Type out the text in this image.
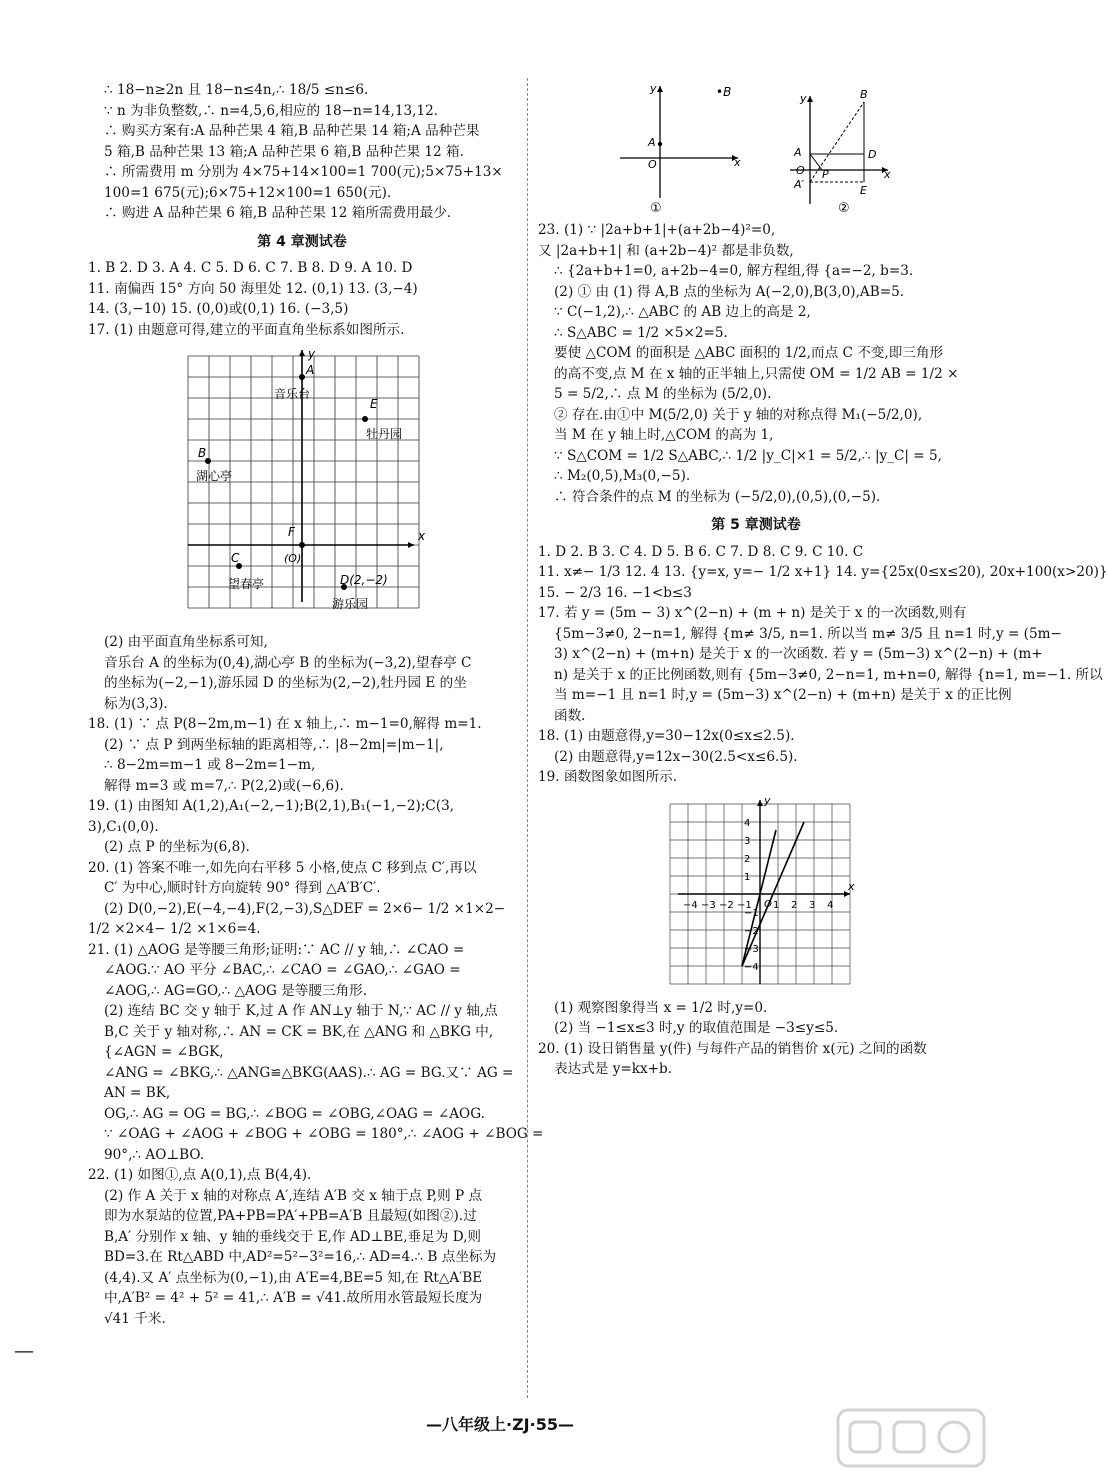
∴ 18−n≥2n 且 18−n≤4n,∴ 18/5 ≤n≤6.
∵ n 为非负整数,∴ n=4,5,6,相应的 18−n=14,13,12.
∴ 购买方案有:A 品种芒果 4 箱,B 品种芒果 14 箱;A 品种芒果
5 箱,B 品种芒果 13 箱;A 品种芒果 6 箱,B 品种芒果 12 箱.
∴ 所需费用 m 分别为 4×75+14×100=1 700(元);5×75+13×
100=1 675(元);6×75+12×100=1 650(元).
∴ 购进 A 品种芒果 6 箱,B 品种芒果 12 箱所需费用最少.
第 4 章测试卷
1. B 2. D 3. A 4. C 5. D 6. C 7. B 8. D 9. A 10. D
11. 南偏西 15° 方向 50 海里处 12. (0,1) 13. (3,−4)
14. (3,−10) 15. (0,0)或(0,1) 16. (−3,5)
17. (1) 由题意可得,建立的平面直角坐标系如图所示.
y
x
A
音乐台
E
牡丹园
B
湖心亭
F
(O)
C
望春亭	D(2,−2)
游乐园
(2) 由平面直角坐标系可知,
音乐台 A 的坐标为(0,4),湖心亭 B 的坐标为(−3,2),望春亭 C
的坐标为(−2,−1),游乐园 D 的坐标为(2,−2),牡丹园 E 的坐
标为(3,3).
18. (1) ∵ 点 P(8−2m,m−1) 在 x 轴上,∴ m−1=0,解得 m=1.
(2) ∵ 点 P 到两坐标轴的距离相等,∴ |8−2m|=|m−1|,
∴ 8−2m=m−1 或 8−2m=1−m,
解得 m=3 或 m=7,∴ P(2,2)或(−6,6).
19. (1) 由图知 A(1,2),A₁(−2,−1);B(2,1),B₁(−1,−2);C(3,
3),C₁(0,0).
(2) 点 P 的坐标为(6,8).
20. (1) 答案不唯一,如先向右平移 5 小格,使点 C 移到点 C′,再以
C′ 为中心,顺时针方向旋转 90° 得到 △A′B′C′.
(2) D(0,−2),E(−4,−4),F(2,−3),S△DEF = 2×6− 1/2 ×1×2−
1/2 ×2×4− 1/2 ×1×6=4.
21. (1) △AOG 是等腰三角形;证明:∵ AC // y 轴,∴ ∠CAO =
∠AOG.∵ AO 平分 ∠BAC,∴ ∠CAO = ∠GAO,∴ ∠GAO =
∠AOG,∴ AG=GO,∴ △AOG 是等腰三角形.
(2) 连结 BC 交 y 轴于 K,过 A 作 AN⊥y 轴于 N,∵ AC // y 轴,点
B,C 关于 y 轴对称,∴ AN = CK = BK,在 △ANG 和 △BKG 中,
{∠AGN = ∠BGK,
∠ANG = ∠BKG,∴ △ANG≌△BKG(AAS).∴ AG = BG.又∵ AG =
AN = BK,
OG,∴ AG = OG = BG,∴ ∠BOG = ∠OBG,∠OAG = ∠AOG.
∵ ∠OAG + ∠AOG + ∠BOG + ∠OBG = 180°,∴ ∠AOG + ∠BOG =
90°,∴ AO⊥BO.
22. (1) 如图①,点 A(0,1),点 B(4,4).
(2) 作 A 关于 x 轴的对称点 A′,连结 A′B 交 x 轴于点 P,则 P 点
即为水泵站的位置,PA+PB=PA′+PB=A′B 且最短(如图②).过
B,A′ 分别作 x 轴、y 轴的垂线交于 E,作 AD⊥BE,垂足为 D,则
BD=3.在 Rt△ABD 中,AD²=5²−3²=16,∴ AD=4.∴ B 点坐标为
(4,4).又 A′ 点坐标为(0,−1),由 A′E=4,BE=5 知,在 Rt△A′BE
中,A′B² = 4² + 5² = 41,∴ A′B = √41.故所用水管最短长度为
√41 千米.
y	•B
A
O	x
①
y	B
A	D
O P
A′	E
x
②
23. (1) ∵ |2a+b+1|+(a+2b−4)²=0,
又 |2a+b+1| 和 (a+2b−4)² 都是非负数,
∴ {2a+b+1=0, a+2b−4=0, 解方程组,得 {a=−2, b=3.
(2) ① 由 (1) 得 A,B 点的坐标为 A(−2,0),B(3,0),AB=5.
∵ C(−1,2),∴ △ABC 的 AB 边上的高是 2,
∴ S△ABC = 1/2 ×5×2=5.
要使 △COM 的面积是 △ABC 面积的 1/2,而点 C 不变,即三角形
的高不变,点 M 在 x 轴的正半轴上,只需使 OM = 1/2 AB = 1/2 ×
5 = 5/2,∴ 点 M 的坐标为 (5/2,0).
② 存在.由①中 M(5/2,0) 关于 y 轴的对称点得 M₁(−5/2,0),
当 M 在 y 轴上时,△COM 的高为 1,
∵ S△COM = 1/2 S△ABC,∴ 1/2 |y_C|×1 = 5/2,∴ |y_C| = 5,
∴ M₂(0,5),M₃(0,−5).
∴ 符合条件的点 M 的坐标为 (−5/2,0),(0,5),(0,−5).
第 5 章测试卷
1. D 2. B 3. C 4. D 5. B 6. C 7. D 8. C 9. C 10. C
11. x≠− 1/3 12. 4 13. {y=x, y=− 1/2 x+1} 14. y={25x(0≤x≤20), 20x+100(x>20)}
15. − 2/3 16. −1<b≤3
17. 若 y = (5m − 3) x^(2−n) + (m + n) 是关于 x 的一次函数,则有
{5m−3≠0, 2−n=1, 解得 {m≠ 3/5, n=1. 所以当 m≠ 3/5 且 n=1 时,y = (5m−
3) x^(2−n) + (m+n) 是关于 x 的一次函数. 若 y = (5m−3) x^(2−n) + (m+
n) 是关于 x 的正比例函数,则有 {5m−3≠0, 2−n=1, m+n=0, 解得 {n=1, m=−1. 所以
当 m=−1 且 n=1 时,y = (5m−3) x^(2−n) + (m+n) 是关于 x 的正比例
函数.
18. (1) 由题意得,y=30−12x(0≤x≤2.5).
(2) 由题意得,y=12x−30(2.5<x≤6.5).
19. 函数图象如图所示.
y
x
O
−4 −3 −2 −1 1 2 3 4
4
3
2
1
−1
−2
−3
−4
(1) 观察图象得当 x = 1/2 时,y=0.
(2) 当 −1≤x≤3 时,y 的取值范围是 −3≤y≤5.
20. (1) 设日销售量 y(件) 与每件产品的销售价 x(元) 之间的函数
表达式是 y=kx+b.
—八年级上·ZJ·55—
—
